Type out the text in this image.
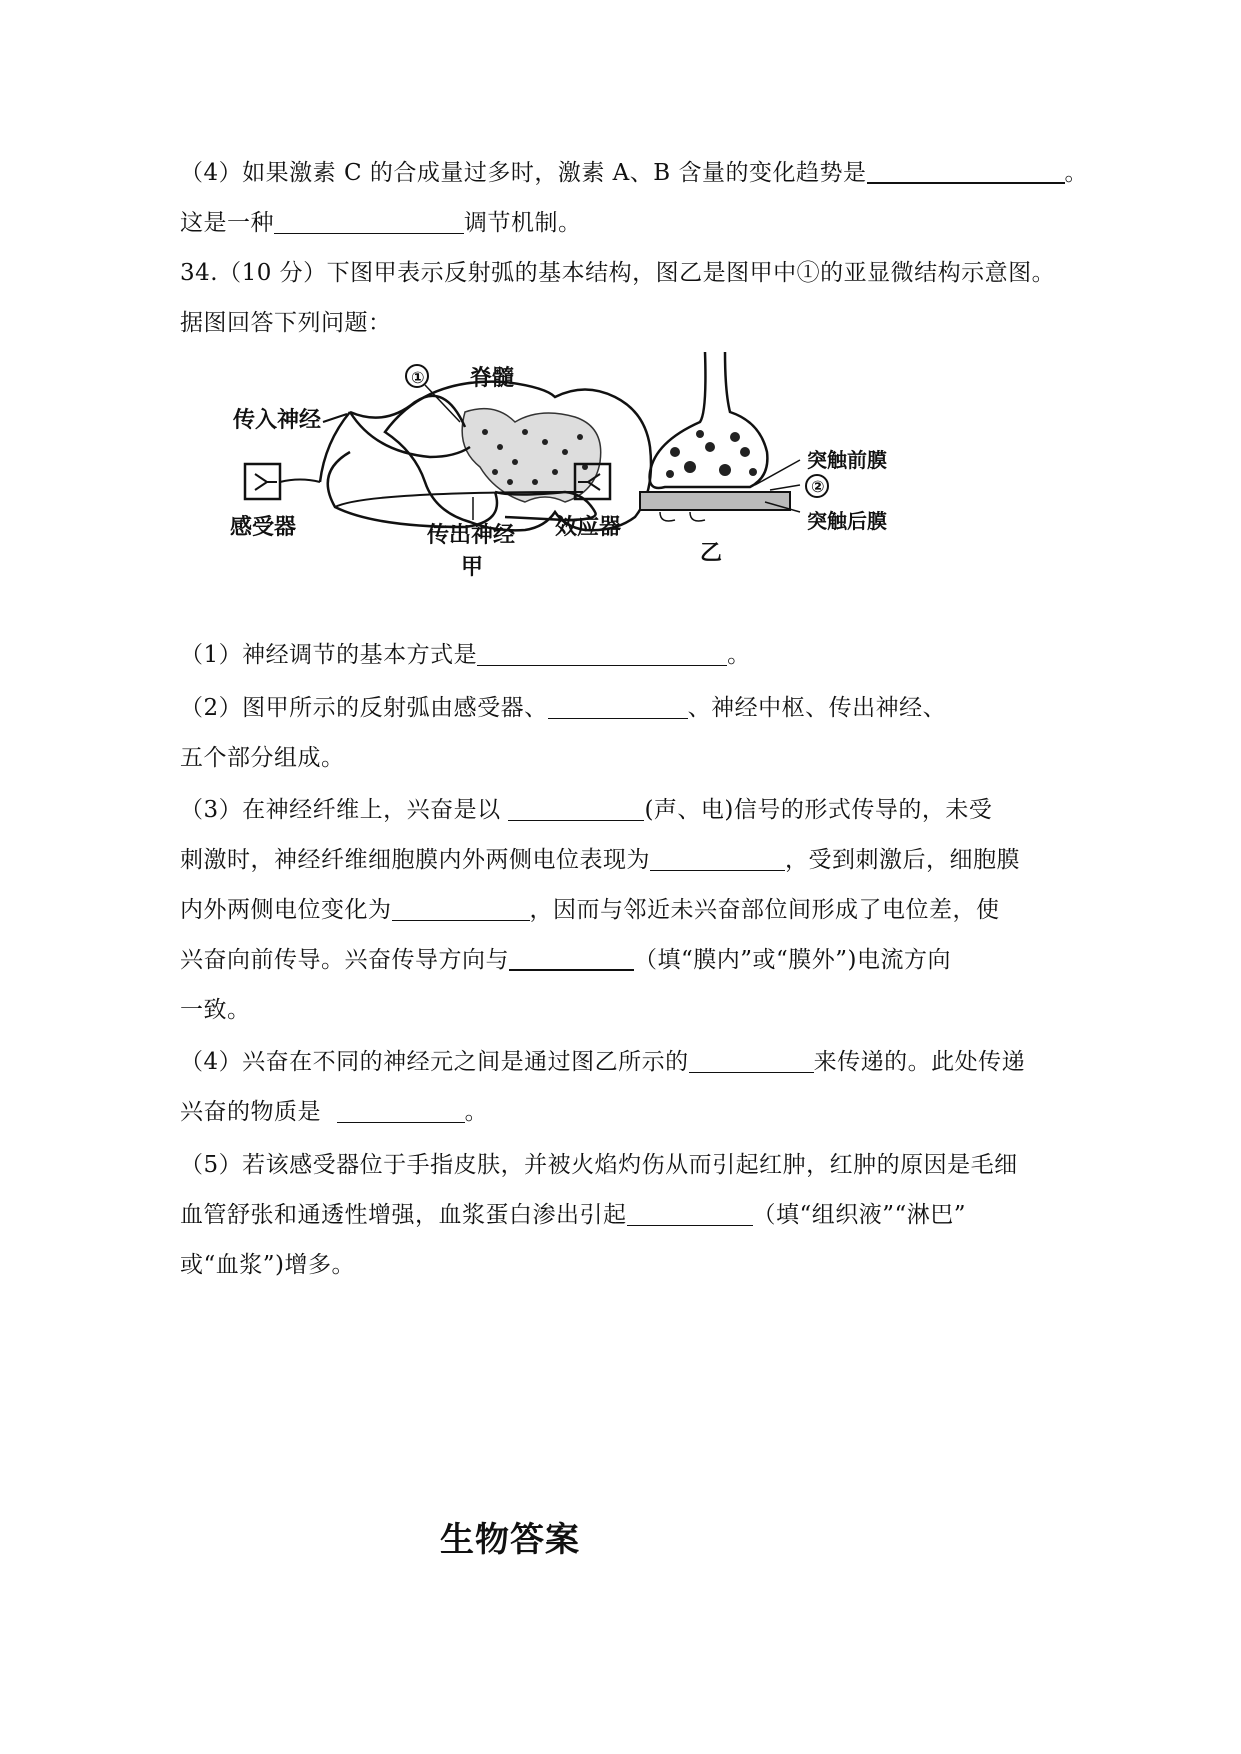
（4）如果激素 C 的合成量过多时，激素 A、B 含量的变化趋势是	。
这是一种	调节机制。
34.（10 分）下图甲表示反射弧的基本结构，图乙是图甲中①的亚显微结构示意图。
据图回答下列问题：
① 脊髓
传入神经
感受器	传出神经
甲
效应器
突触前膜
②
突触后膜
乙
（1）神经调节的基本方式是	。
（2）图甲所示的反射弧由感受器、	、神经中枢、传出神经、
五个部分组成。
（3）在神经纤维上，兴奋是以	(声、电)信号的形式传导的，未受
刺激时，神经纤维细胞膜内外两侧电位表现为	，受到刺激后，细胞膜
内外两侧电位变化为	，因而与邻近未兴奋部位间形成了电位差，使
兴奋向前传导。兴奋传导方向与	（填“膜内”或“膜外”)电流方向
一致。
（4）兴奋在不同的神经元之间是通过图乙所示的	来传递的。此处传递
兴奋的物质是	。
（5）若该感受器位于手指皮肤，并被火焰灼伤从而引起红肿，红肿的原因是毛细
血管舒张和通透性增强，血浆蛋白渗出引起	（填“组织液”“淋巴”
或“血浆”)增多。
生物答案
